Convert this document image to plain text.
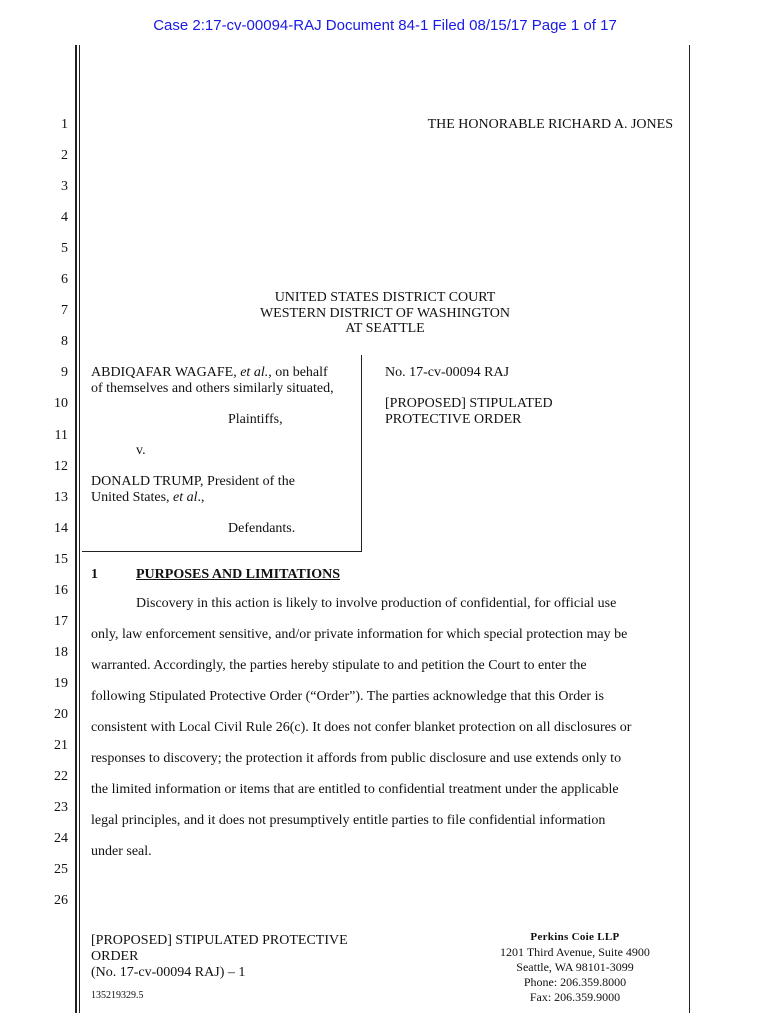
Case 2:17-cv-00094-RAJ Document 84-1 Filed 08/15/17 Page 1 of 17
1
2
3
4
5
6
7
8
9
10
11
12
13
14
15
16
17
18
19
20
21
22
23
24
25
26
THE HONORABLE RICHARD A. JONES
UNITED STATES DISTRICT COURT
WESTERN DISTRICT OF WASHINGTON
AT SEATTLE
ABDIQAFAR WAGAFE, et al., on behalf
of themselves and others similarly situated,
Plaintiffs,
v.
DONALD TRUMP, President of the
United States, et al.,
Defendants.
No. 17-cv-00094 RAJ
[PROPOSED] STIPULATED
PROTECTIVE ORDER
1	PURPOSES AND LIMITATIONS
Discovery in this action is likely to involve production of confidential, for official use
only, law enforcement sensitive, and/or private information for which special protection may be
warranted. Accordingly, the parties hereby stipulate to and petition the Court to enter the
following Stipulated Protective Order (“Order”). The parties acknowledge that this Order is
consistent with Local Civil Rule 26(c). It does not confer blanket protection on all disclosures or
responses to discovery; the protection it affords from public disclosure and use extends only to
the limited information or items that are entitled to confidential treatment under the applicable
legal principles, and it does not presumptively entitle parties to file confidential information
under seal.
[PROPOSED] STIPULATED PROTECTIVE
ORDER
(No. 17-cv-00094 RAJ) – 1
135219329.5
Perkins Coie LLP
1201 Third Avenue, Suite 4900
Seattle, WA 98101-3099
Phone: 206.359.8000
Fax: 206.359.9000
